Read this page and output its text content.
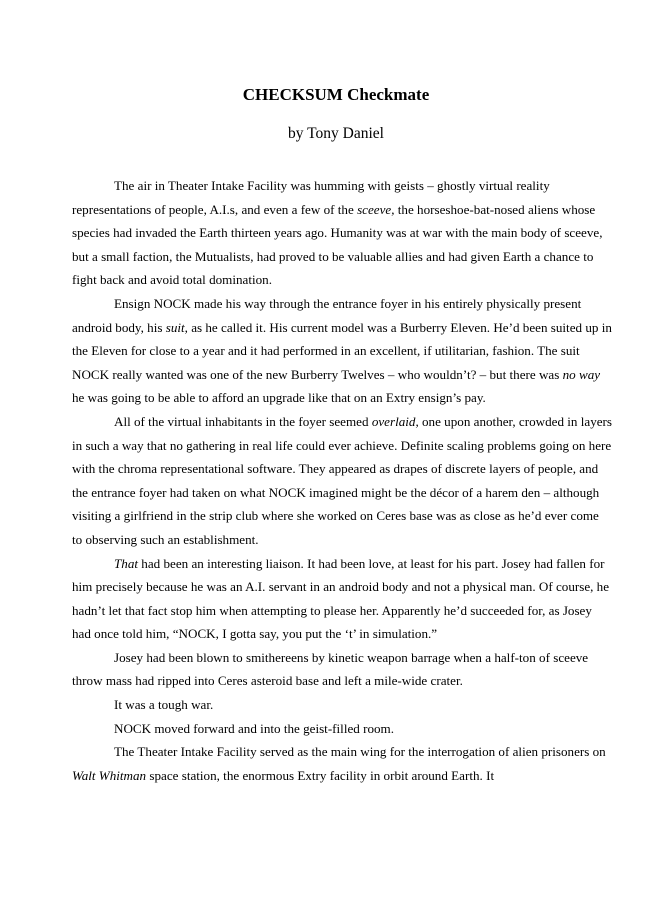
CHECKSUM Checkmate
by Tony Daniel

The air in Theater Intake Facility was humming with geists – ghostly virtual reality representations of people, A.I.s, and even a few of the sceeve, the horseshoe-bat-nosed aliens whose species had invaded the Earth thirteen years ago. Humanity was at war with the main body of sceeve, but a small faction, the Mutualists, had proved to be valuable allies and had given Earth a chance to fight back and avoid total domination.

Ensign NOCK made his way through the entrance foyer in his entirely physically present android body, his suit, as he called it. His current model was a Burberry Eleven. He’d been suited up in the Eleven for close to a year and it had performed in an excellent, if utilitarian, fashion. The suit NOCK really wanted was one of the new Burberry Twelves – who wouldn’t? – but there was no way he was going to be able to afford an upgrade like that on an Extry ensign’s pay.

All of the virtual inhabitants in the foyer seemed overlaid, one upon another, crowded in layers in such a way that no gathering in real life could ever achieve. Definite scaling problems going on here with the chroma representational software. They appeared as drapes of discrete layers of people, and the entrance foyer had taken on what NOCK imagined might be the décor of a harem den – although visiting a girlfriend in the strip club where she worked on Ceres base was as close as he’d ever come to observing such an establishment.

That had been an interesting liaison. It had been love, at least for his part. Josey had fallen for him precisely because he was an A.I. servant in an android body and not a physical man. Of course, he hadn’t let that fact stop him when attempting to please her. Apparently he’d succeeded for, as Josey had once told him, “NOCK, I gotta say, you put the ‘t’ in simulation.”

Josey had been blown to smithereens by kinetic weapon barrage when a half-ton of sceeve throw mass had ripped into Ceres asteroid base and left a mile-wide crater.

It was a tough war.

NOCK moved forward and into the geist-filled room.

The Theater Intake Facility served as the main wing for the interrogation of alien prisoners on Walt Whitman space station, the enormous Extry facility in orbit around Earth. It
